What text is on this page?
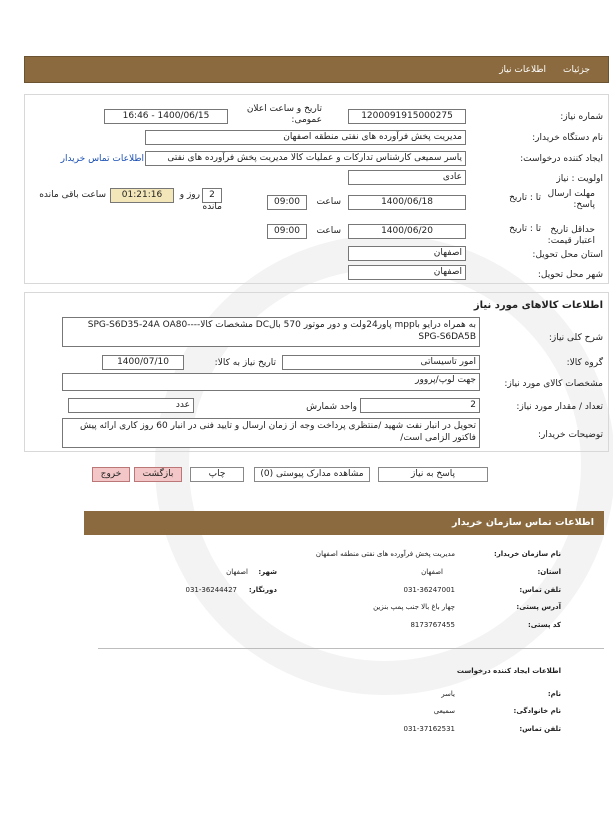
جزئیات
اطلاعات نیاز
شماره نیاز:
1200091915000275
تاریخ و ساعت اعلان عمومی:
1400/06/15 - 16:46
نام دستگاه خریدار:
مدیریت پخش فرآورده های نفتی منطقه اصفهان
ایجاد کننده درخواست:
یاسر سمیعی کارشناس تدارکات و عملیات کالا مدیریت پخش فرآورده های نفتی
اطلاعات تماس خریدار
اولویت : نیاز
عادی
مهلت ارسال پاسخ:
تا : تاریخ
1400/06/18
ساعت
09:00
2
روز و
01:21:16
مانده
ساعت باقی مانده
حداقل تاریخ اعتبار قیمت:
تا : تاریخ
1400/06/20
ساعت
09:00
استان محل تحویل:
اصفهان
شهر محل تحویل:
اصفهان
اطلاعات کالاهای مورد نیاز
شرح کلی نیاز:
به همراه درایو باmpp پاور24ولت و دور موتور 570 بالDC مشخصات کالا--SPG-S6D35-24A OA80-- SPG-S6DA5B
گروه کالا:
امور تاسیساتی
تاریخ نیاز به کالا:
1400/07/10
مشخصات کالای مورد نیاز:
جهت لوپ/پروور
تعداد / مقدار مورد نیاز:
2
واحد شمارش
عدد
توضیحات خریدار:
تحویل در انبار نفت شهید /منتظری پرداخت وجه از زمان ارسال و تایید فنی در انبار 60 روز کاری ارائه پیش فاکتور الزامی است/
پاسخ به نیاز
مشاهده مدارک پیوستی (0)
چاپ
بازگشت
خروج
اطلاعات تماس سازمان خریدار
نام سازمان خریدار:
مدیریت پخش فرآورده های نفتی منطقه اصفهان
استان:
اصفهان
شهر:
اصفهان
تلفن تماس:
031-36247001
دورنگار:
031-36244427
آدرس پستی:
چهار باغ بالا جنب پمپ بنزین
کد پستی:
8173767455
اطلاعات ایجاد کننده درخواست
نام:
یاسر
نام خانوادگی:
سمیعی
تلفن تماس:
031-37162531
